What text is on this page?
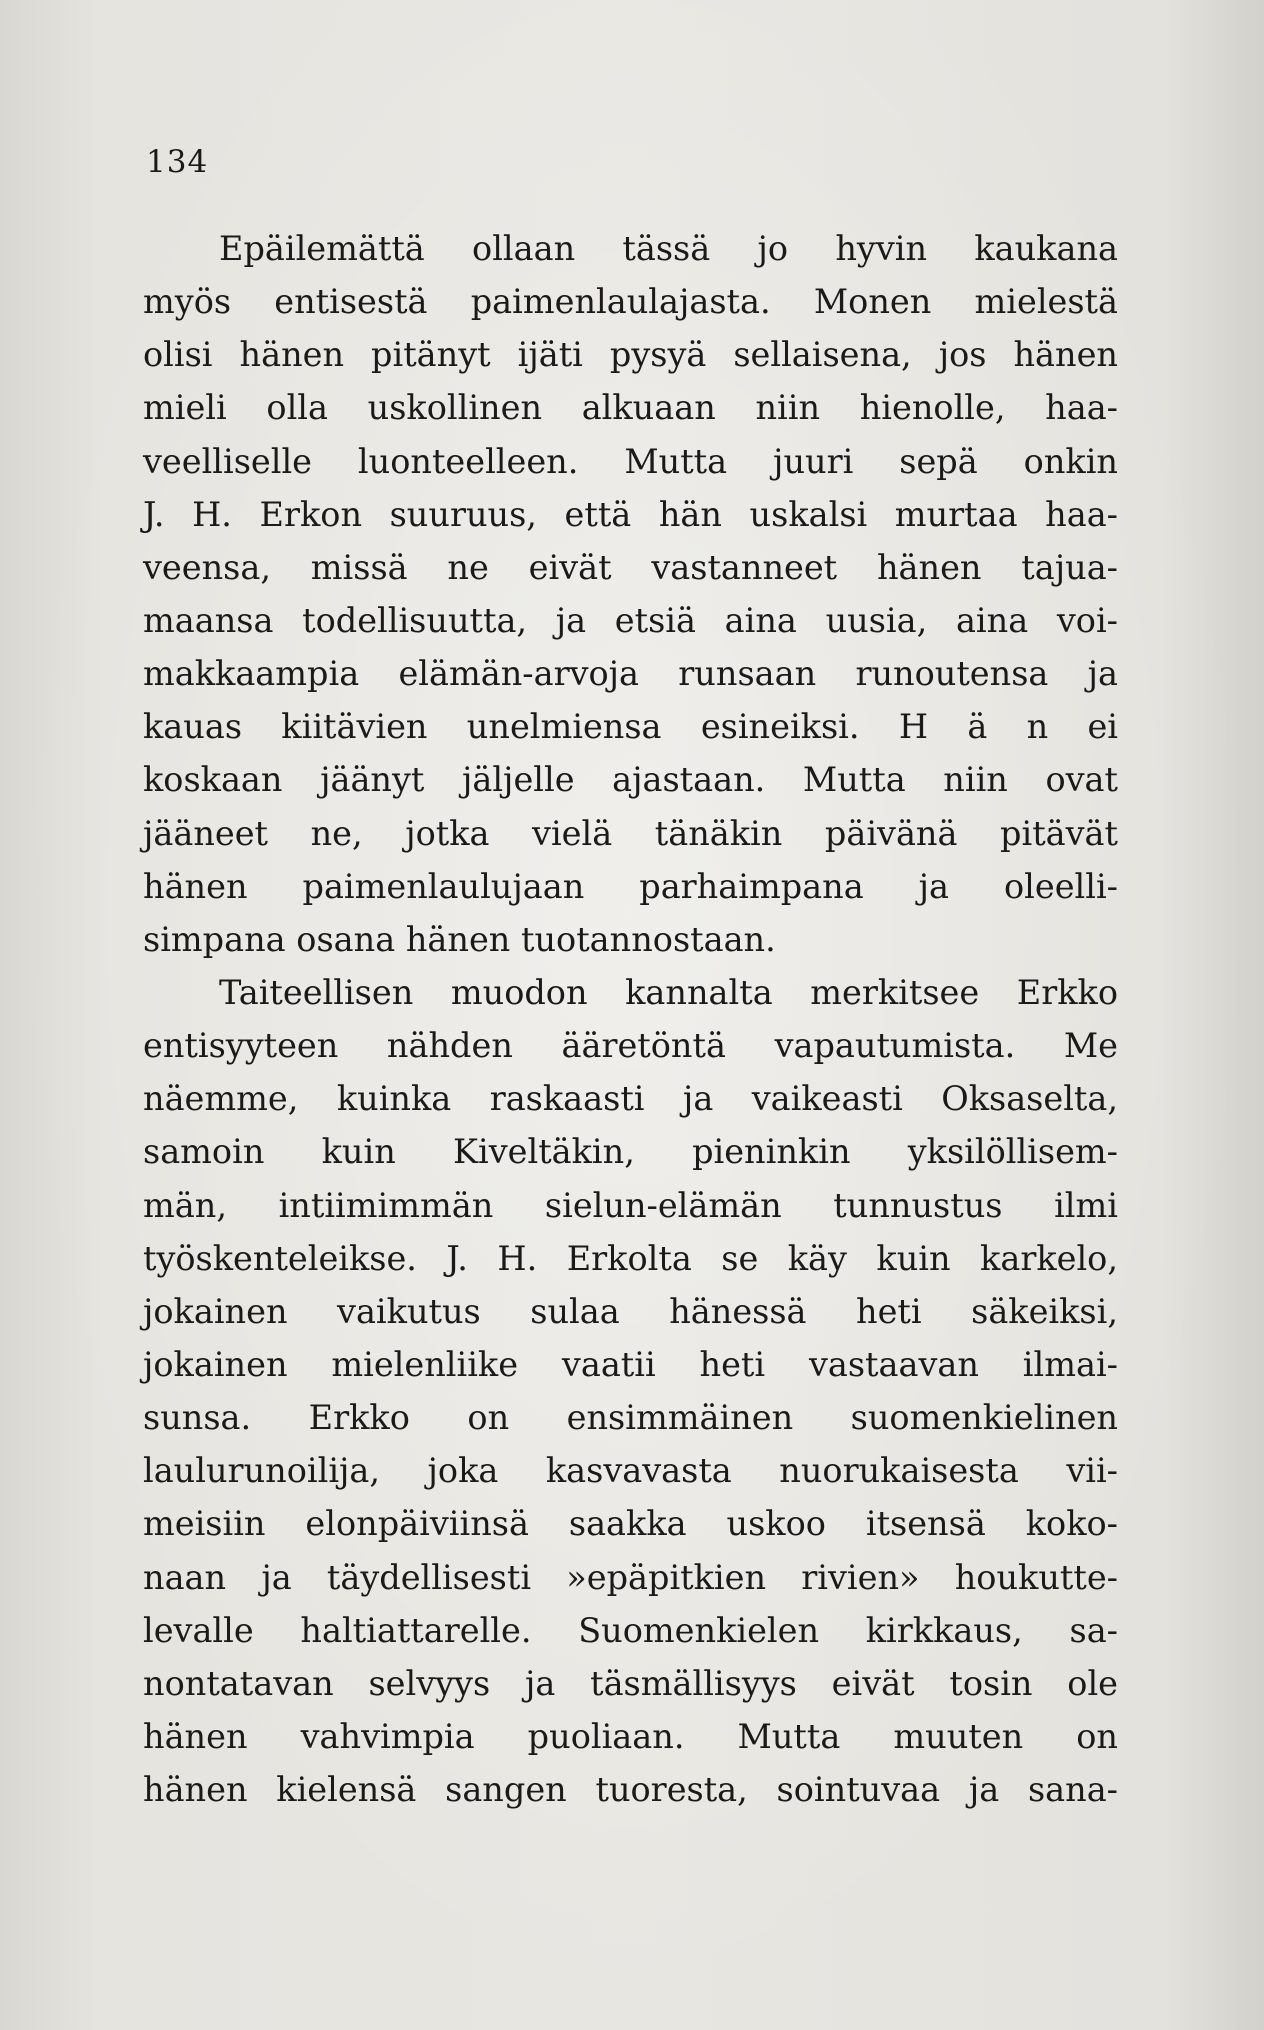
134
Epäilemättä ollaan tässä jo hyvin kaukana
myös entisestä paimenlaulajasta. Monen mielestä
olisi hänen pitänyt ijäti pysyä sellaisena, jos hänen
mieli olla uskollinen alkuaan niin hienolle, haa-
veelliselle luonteelleen. Mutta juuri sepä onkin
J. H. Erkon suuruus, että hän uskalsi murtaa haa-
veensa, missä ne eivät vastanneet hänen tajua-
maansa todellisuutta, ja etsiä aina uusia, aina voi-
makkaampia elämän-arvoja runsaan runoutensa ja
kauas kiitävien unelmiensa esineiksi. H ä n ei
koskaan jäänyt jäljelle ajastaan. Mutta niin ovat
jääneet ne, jotka vielä tänäkin päivänä pitävät
hänen paimenlaulujaan parhaimpana ja oleelli-
simpana osana hänen tuotannostaan.
Taiteellisen muodon kannalta merkitsee Erkko
entisyyteen nähden ääretöntä vapautumista. Me
näemme, kuinka raskaasti ja vaikeasti Oksaselta,
samoin kuin Kiveltäkin, pieninkin yksilöllisem-
män, intiimimmän sielun-elämän tunnustus ilmi
työskenteleikse. J. H. Erkolta se käy kuin karkelo,
jokainen vaikutus sulaa hänessä heti säkeiksi,
jokainen mielenliike vaatii heti vastaavan ilmai-
sunsa. Erkko on ensimmäinen suomenkielinen
laulurunoilija, joka kasvavasta nuorukaisesta vii-
meisiin elonpäiviinsä saakka uskoo itsensä koko-
naan ja täydellisesti »epäpitkien rivien» houkutte-
levalle haltiattarelle. Suomenkielen kirkkaus, sa-
nontatavan selvyys ja täsmällisyys eivät tosin ole
hänen vahvimpia puoliaan. Mutta muuten on
hänen kielensä sangen tuoresta, sointuvaa ja sana-
